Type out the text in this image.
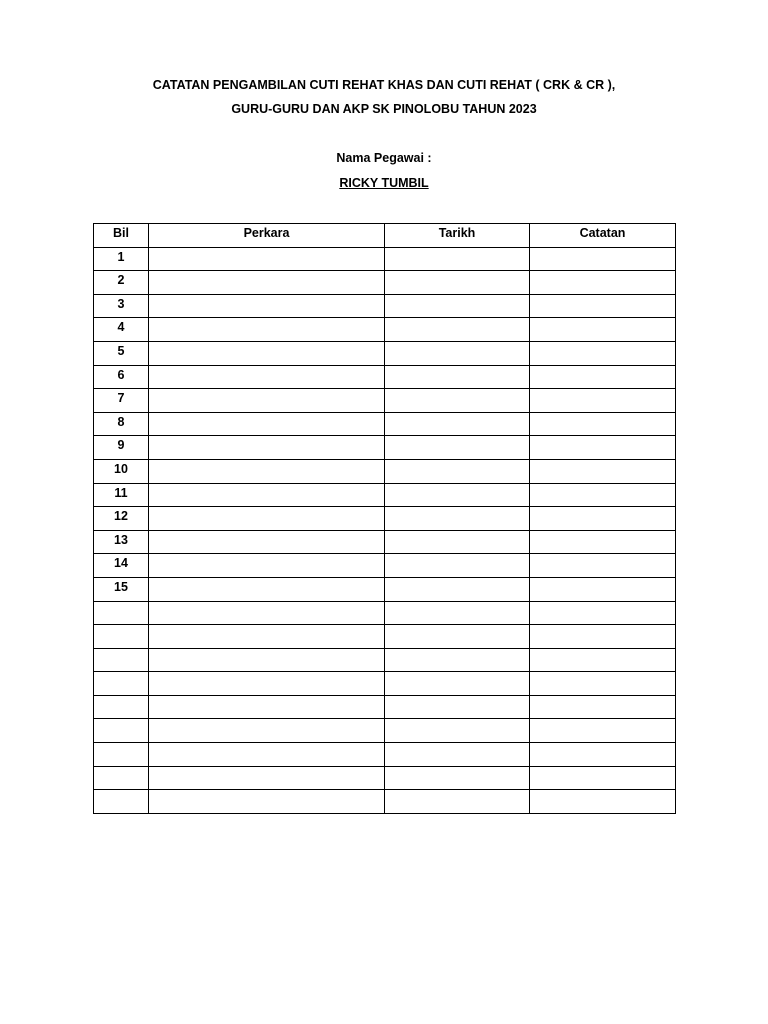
CATATAN PENGAMBILAN CUTI REHAT KHAS DAN CUTI REHAT ( CRK & CR ),
GURU-GURU DAN AKP SK PINOLOBU TAHUN 2023
Nama Pegawai :
RICKY TUMBIL
Bil	Perkara	Tarikh	Catatan
1			
2			
3			
4			
5			
6			
7			
8			
9			
10			
11			
12			
13			
14			
15			
